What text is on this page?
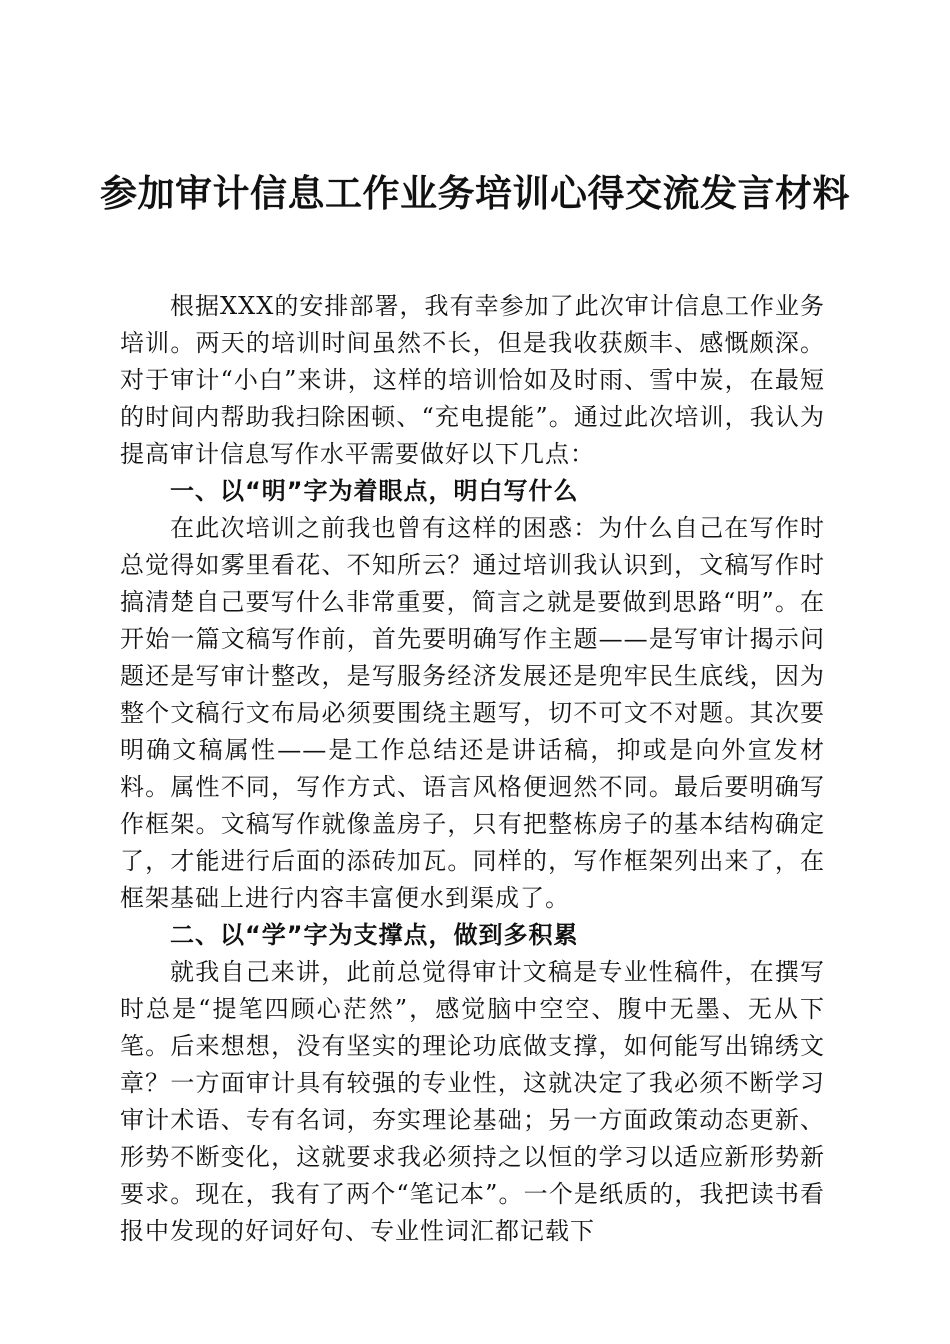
参加审计信息工作业务培训心得交流发言材料

根据XXX的安排部署，我有幸参加了此次审计信息工作业务培训。两天的培训时间虽然不长，但是我收获颇丰、感慨颇深。对于审计“小白”来讲，这样的培训恰如及时雨、雪中炭，在最短的时间内帮助我扫除困顿、“充电提能”。通过此次培训，我认为提高审计信息写作水平需要做好以下几点：

一、以“明”字为着眼点，明白写什么

在此次培训之前我也曾有这样的困惑：为什么自己在写作时总觉得如雾里看花、不知所云？通过培训我认识到，文稿写作时搞清楚自己要写什么非常重要，简言之就是要做到思路“明”。在开始一篇文稿写作前，首先要明确写作主题——是写审计揭示问题还是写审计整改，是写服务经济发展还是兜牢民生底线，因为整个文稿行文布局必须要围绕主题写，切不可文不对题。其次要明确文稿属性——是工作总结还是讲话稿，抑或是向外宣发材料。属性不同，写作方式、语言风格便迥然不同。最后要明确写作框架。文稿写作就像盖房子，只有把整栋房子的基本结构确定了，才能进行后面的添砖加瓦。同样的，写作框架列出来了，在框架基础上进行内容丰富便水到渠成了。

二、以“学”字为支撑点，做到多积累

就我自己来讲，此前总觉得审计文稿是专业性稿件，在撰写时总是“提笔四顾心茫然”，感觉脑中空空、腹中无墨、无从下笔。后来想想，没有坚实的理论功底做支撑，如何能写出锦绣文章？一方面审计具有较强的专业性，这就决定了我必须不断学习审计术语、专有名词，夯实理论基础；另一方面政策动态更新、形势不断变化，这就要求我必须持之以恒的学习以适应新形势新要求。现在，我有了两个“笔记本”。一个是纸质的，我把读书看报中发现的好词好句、专业性词汇都记载下
